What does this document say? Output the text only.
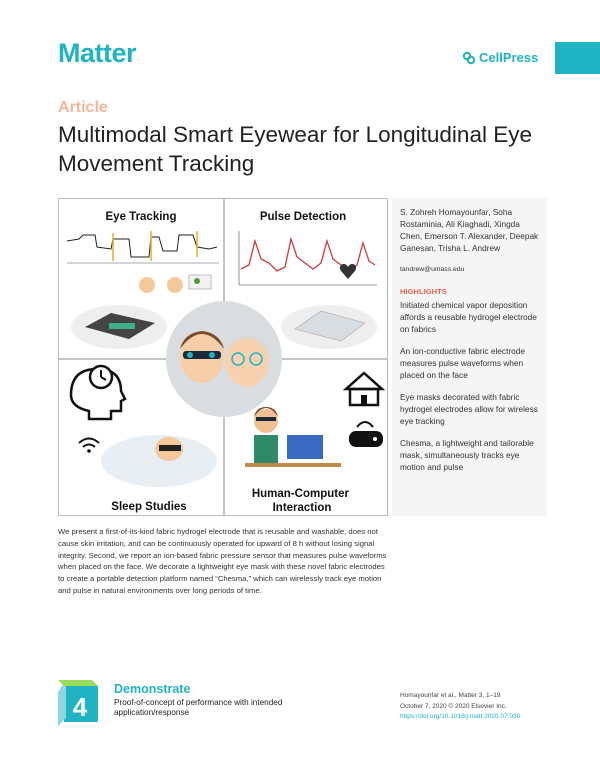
Matter	CellPress
Article
Multimodal Smart Eyewear for Longitudinal Eye Movement Tracking
Eye Tracking	Pulse Detection
Sleep Studies
Human-Computer Interaction
S. Zohreh Homayounfar, Soha Rostaminia, Ali Kiaghadi, Xingda Chen, Emerson T. Alexander, Deepak Ganesan, Trisha L. Andrew
tandrew@umass.edu
HIGHLIGHTS
Initiated chemical vapor deposition affords a reusable hydrogel electrode on fabrics
An ion-conductive fabric electrode measures pulse waveforms when placed on the face
Eye masks decorated with fabric hydrogel electrodes allow for wireless eye tracking
Chesma, a lightweight and tailorable mask, simultaneously tracks eye motion and pulse

We present a first-of-its-kind fabric hydrogel electrode that is reusable and washable, does not cause skin irritation, and can be continuously operated for upward of 8 h without losing signal integrity. Second, we report an ion-based fabric pressure sensor that measures pulse waveforms when placed on the face. We decorate a lightweight eye mask with these novel fabric electrodes to create a portable detection platform named “Chesma,” which can wirelessly track eye motion and pulse in natural environments over long periods of time.

4
Demonstrate
Proof-of-concept of performance with intended application/response
Homayounfar et al., Matter 3, 1–19
October 7, 2020 © 2020 Elsevier Inc.
https://doi.org/10.1016/j.matt.2020.07.030
